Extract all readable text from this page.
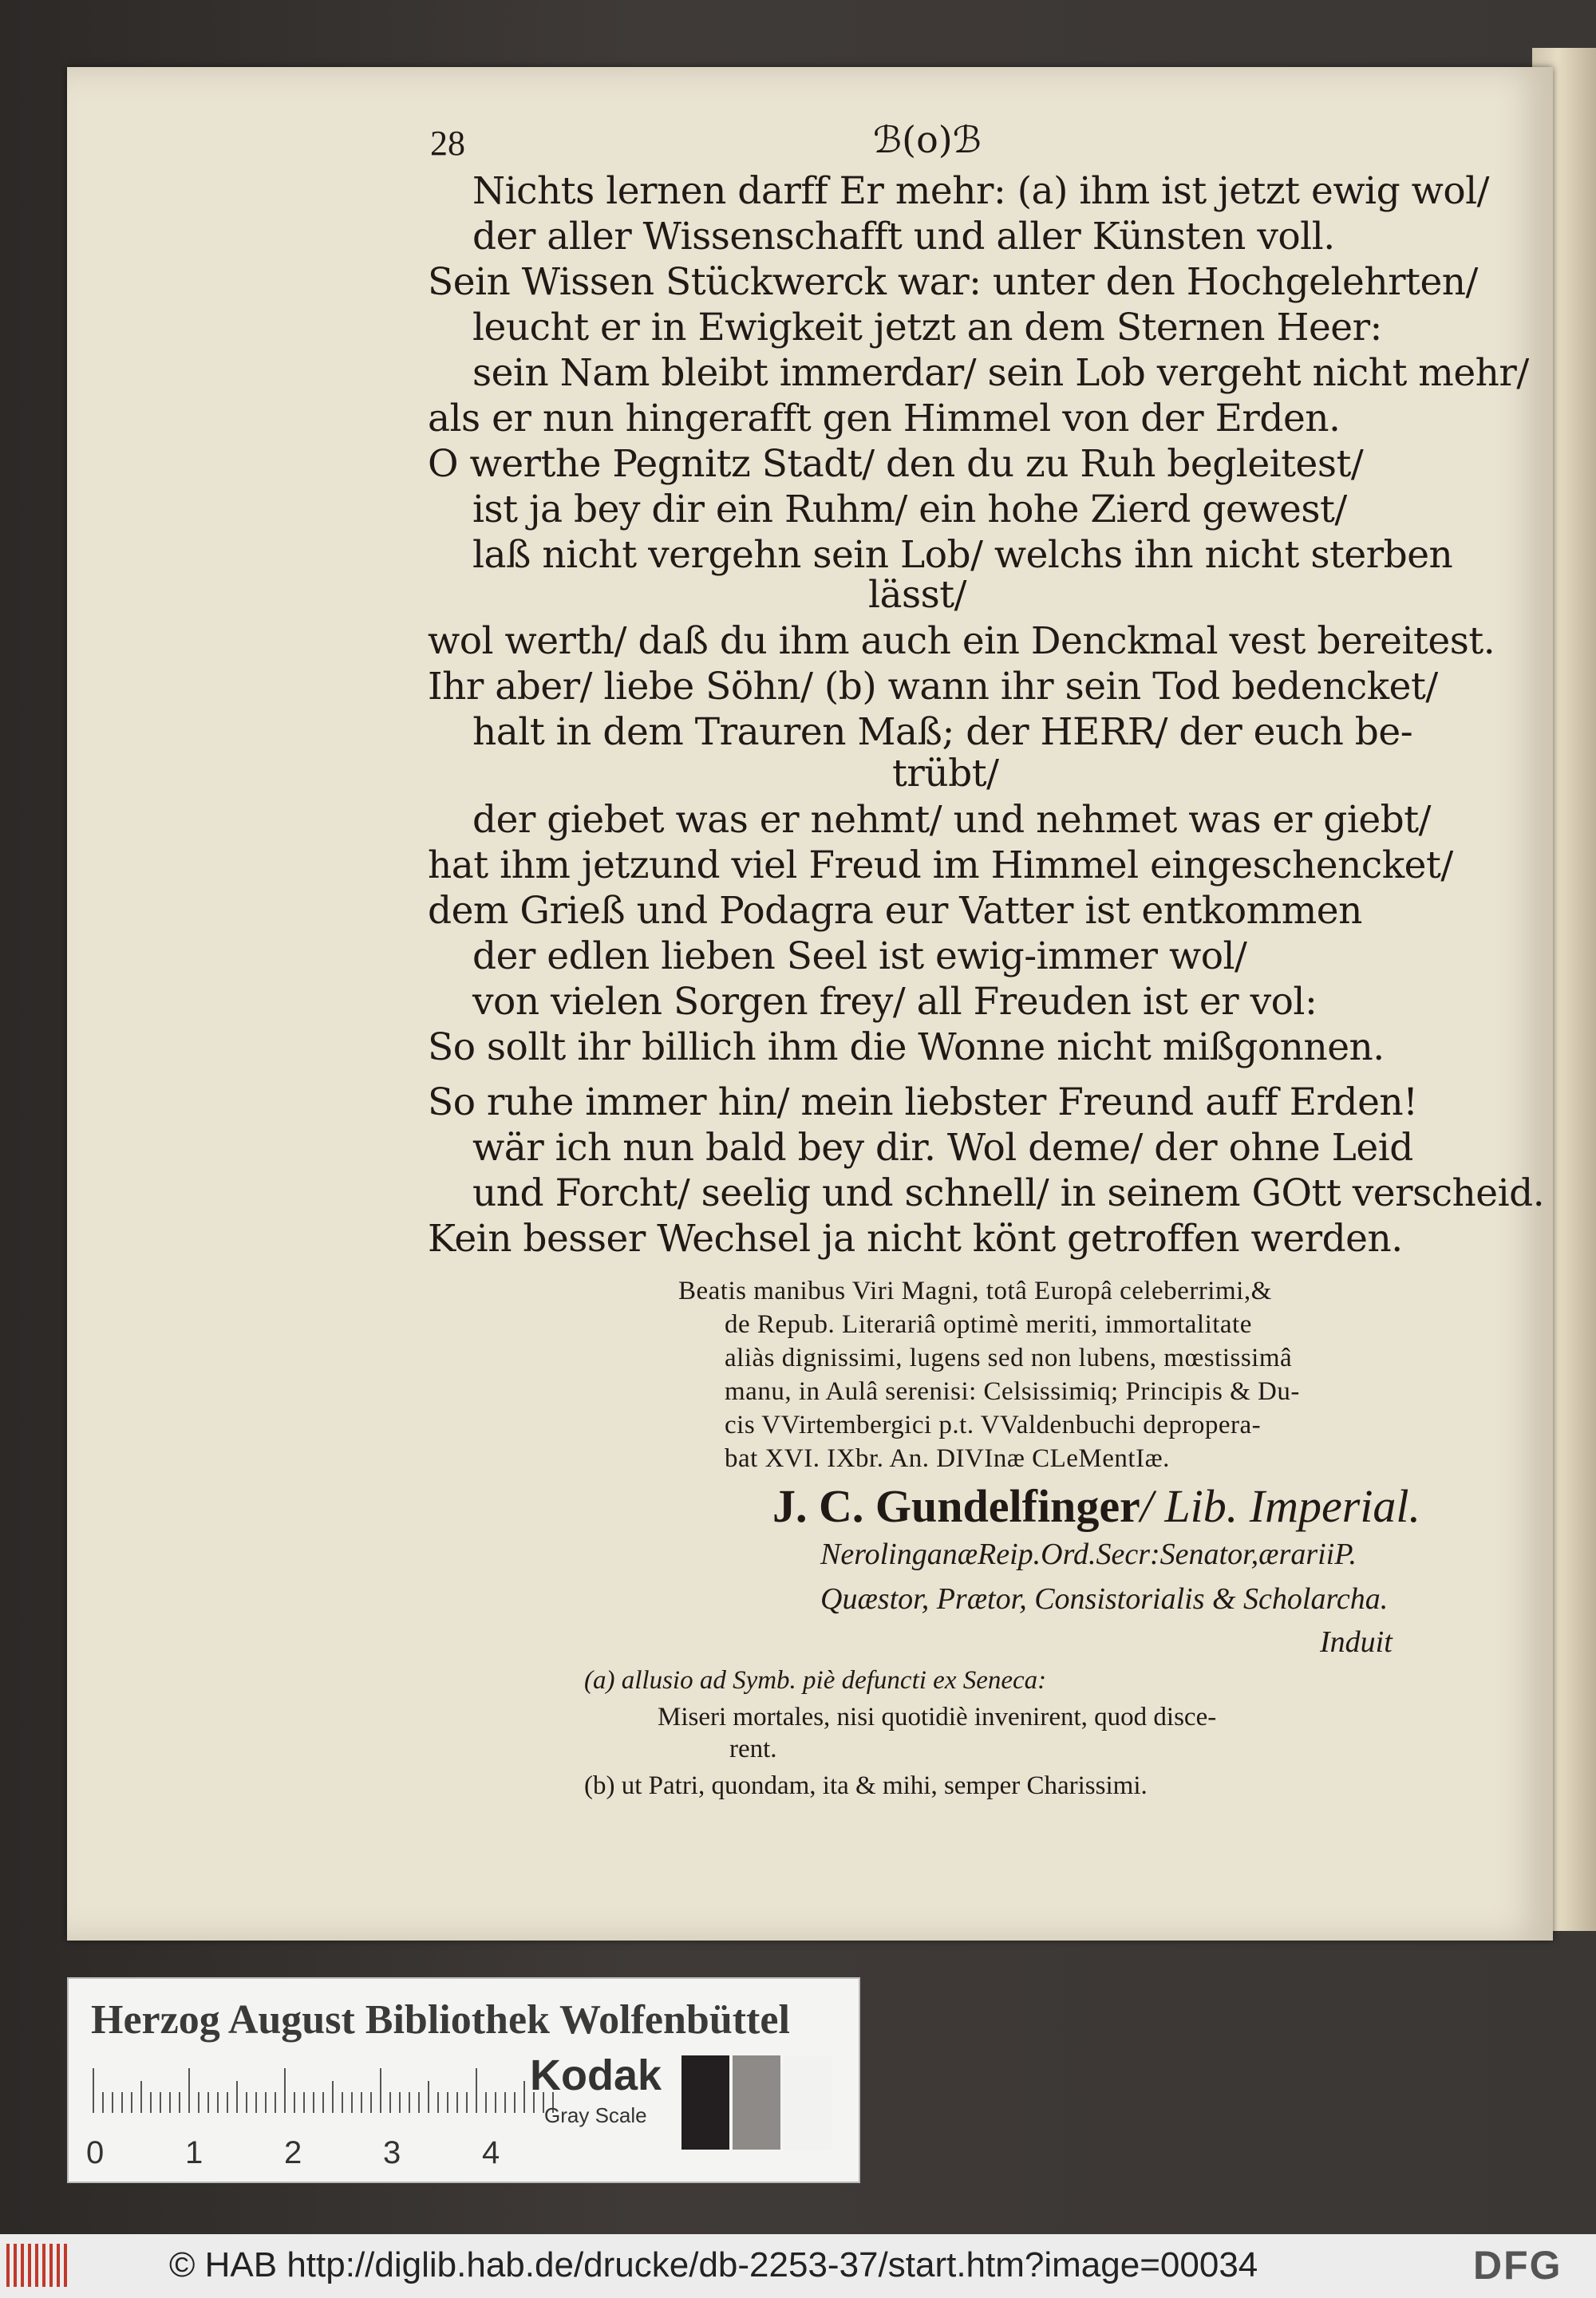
28	ℬ(o)ℬ
Nichts lernen darff Er mehr: (a) ihm ist jetzt ewig wol/
der aller Wissenschafft und aller Künsten voll.
Sein Wissen Stückwerck war: unter den Hochgelehrten/
leucht er in Ewigkeit jetzt an dem Sternen Heer:
sein Nam bleibt immerdar/ sein Lob vergeht nicht mehr/
als er nun hingerafft gen Himmel von der Erden.
O werthe Pegnitz Stadt/ den du zu Ruh begleitest/
ist ja bey dir ein Ruhm/ ein hohe Zierd gewest/
laß nicht vergehn sein Lob/ welchs ihn nicht sterben
lässt/
wol werth/ daß du ihm auch ein Denckmal vest bereitest.
Ihr aber/ liebe Söhn/ (b) wann ihr sein Tod bedencket/
halt in dem Trauren Maß; der HERR/ der euch be-
trübt/
der giebet was er nehmt/ und nehmet was er giebt/
hat ihm jetzund viel Freud im Himmel eingeschencket/
dem Grieß und Podagra eur Vatter ist entkommen
der edlen lieben Seel ist ewig-immer wol/
von vielen Sorgen frey/ all Freuden ist er vol:
So sollt ihr billich ihm die Wonne nicht mißgonnen.
So ruhe immer hin/ mein liebster Freund auff Erden!
wär ich nun bald bey dir. Wol deme/ der ohne Leid
und Forcht/ seelig und schnell/ in seinem GOtt verscheid.
Kein besser Wechsel ja nicht könt getroffen werden.
Beatis manibus Viri Magni, totâ Europâ celeberrimi,&
de Repub. Literariâ optimè meriti, immortalitate
aliàs dignissimi, lugens sed non lubens, mœstissimâ
manu, in Aulâ serenisi: Celsissimiq; Principis & Du-
cis VVirtembergici p.t. VValdenbuchi depropera-
bat XVI. IXbr. An. DIVInæ CLeMentIæ.
J. C. Gundelfinger/ Lib. Imperial.
NerolinganæReip.Ord.Secr:Senator,ærariiP.
Quæstor, Prætor, Consistorialis & Scholarcha.
Induit
(a) allusio ad Symb. piè defuncti ex Seneca:
Miseri mortales, nisi quotidiè invenirent, quod disce-
rent.
(b) ut Patri, quondam, ita & mihi, semper Charissimi.
Herzog August Bibliothek Wolfenbüttel
0	1	2	3	4
Kodak
Gray Scale
© HAB http://diglib.hab.de/drucke/db-2253-37/start.htm?image=00034	DFG
